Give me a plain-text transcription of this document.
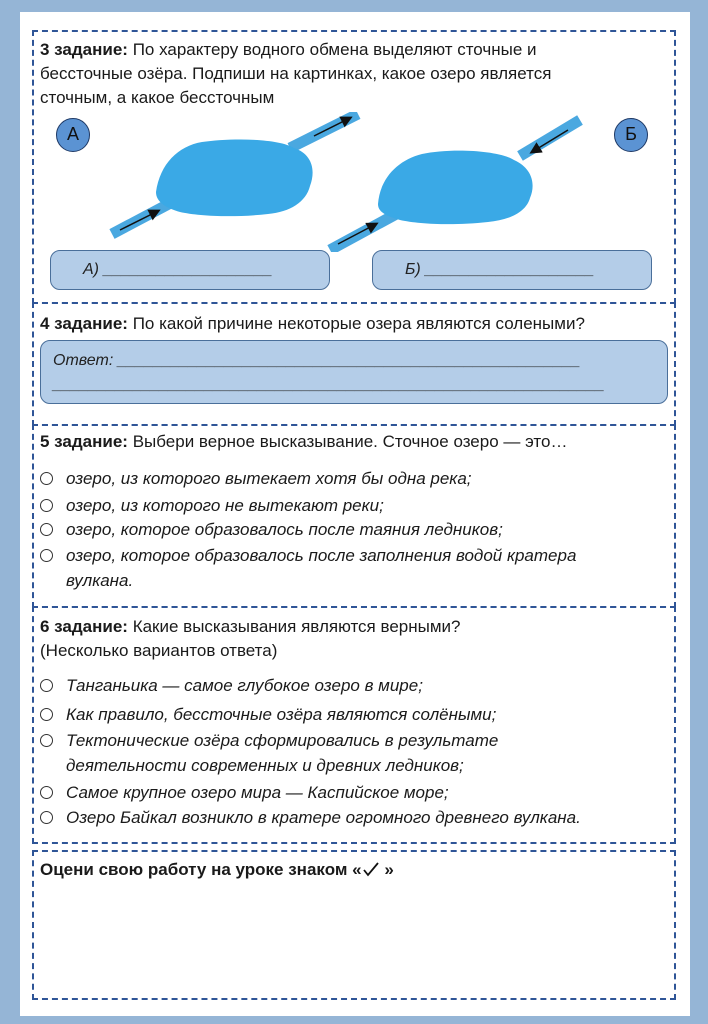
3 задание: По характеру водного обмена выделяют сточные и
бессточные озёра. Подпиши на картинках, какое озеро является
сточным, а какое бессточным
А	Б
А) ___________________	Б) ___________________
4 задание: По какой причине некоторые озера являются солеными?
Ответ: ____________________________________________________
______________________________________________________________
5 задание: Выбери верное высказывание. Сточное озеро — это…
озеро, из которого вытекает хотя бы одна река;
озеро, из которого не вытекают реки;
озеро, которое образовалось после таяния ледников;
озеро, которое образовалось после заполнения водой кратера
вулкана.
6 задание: Какие высказывания являются верными?
(Несколько вариантов ответа)
Танганьика — самое глубокое озеро в мире;
Как правило, бессточные озёра являются солёными;
Тектонические озёра сформировались в результате
деятельности современных и древних ледников;
Самое крупное озеро мира — Каспийское море;
Озеро Байкал возникло в кратере огромного древнего вулкана.
Оцени свою работу на уроке знаком « »
